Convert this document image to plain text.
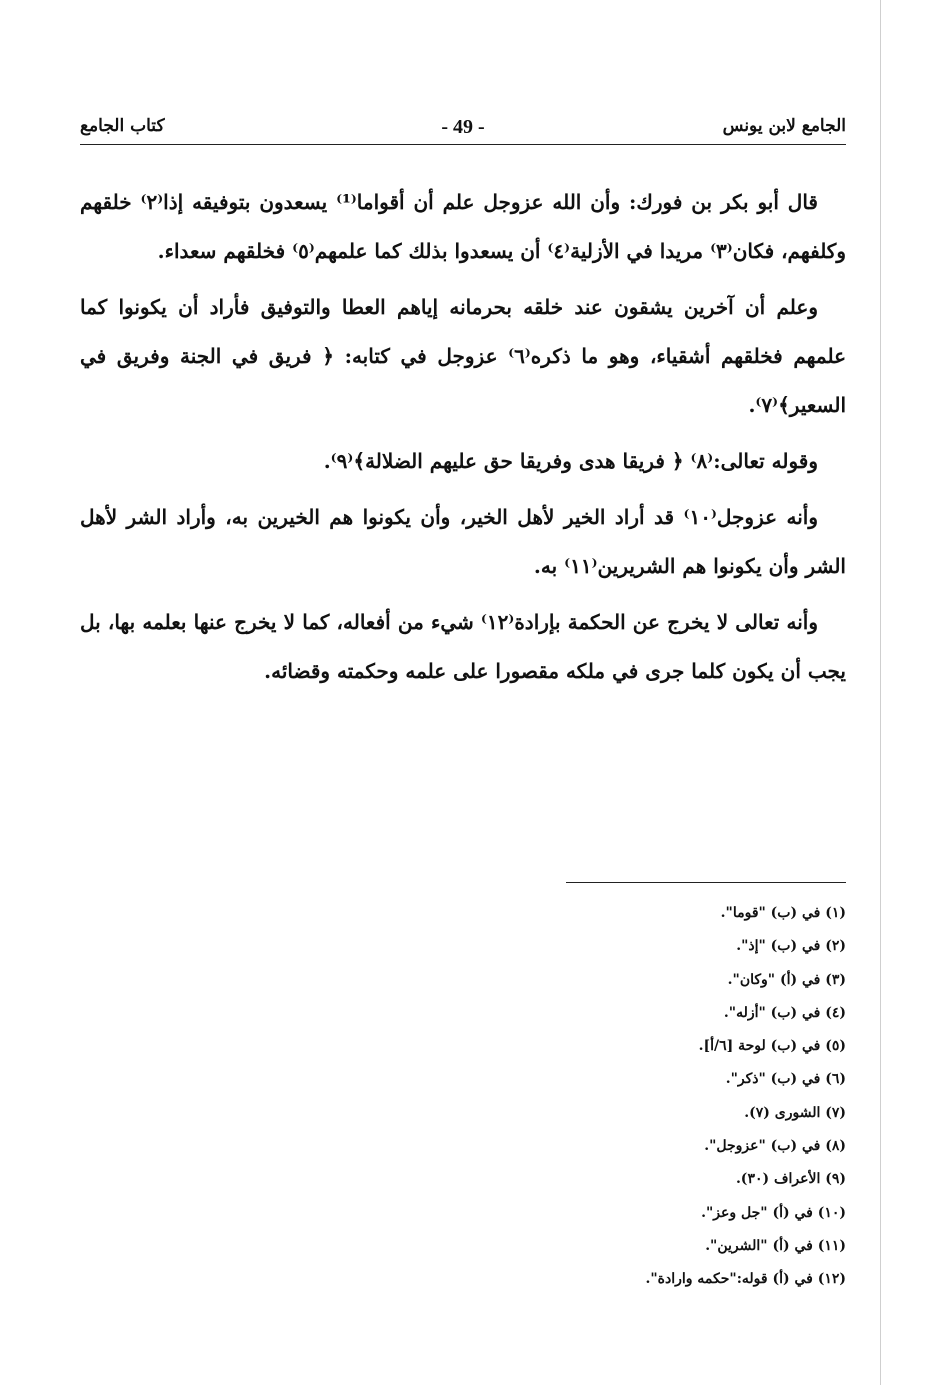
الجامع لابن يونس
- 49 -
كتاب الجامع

قال أبو بكر بن فورك: وأن الله عزوجل علم أن أقواما⁽¹⁾ يسعدون بتوفيقه إذا⁽٢⁾ خلقهم وكلفهم، فكان⁽٣⁾ مريدا في الأزلية⁽٤⁾ أن يسعدوا بذلك كما علمهم⁽٥⁾ فخلقهم سعداء.

وعلم أن آخرين يشقون عند خلقه بحرمانه إياهم العطا والتوفيق فأراد أن يكونوا كما علمهم فخلقهم أشقياء، وهو ما ذكره⁽٦⁾ عزوجل في كتابه: ﴿ فريق في الجنة وفريق في السعير﴾⁽٧⁾.

وقوله تعالى:⁽٨⁾ ﴿ فريقا هدى وفريقا حق عليهم الضلالة﴾⁽٩⁾.

وأنه عزوجل⁽١٠⁾ قد أراد الخير لأهل الخير، وأن يكونوا هم الخيرين به، وأراد الشر لأهل الشر وأن يكونوا هم الشريرين⁽١١⁾ به.

وأنه تعالى لا يخرج عن الحكمة بإرادة⁽١٢⁾ شيء من أفعاله، كما لا يخرج عنها بعلمه بها، بل يجب أن يكون كلما جرى في ملكه مقصورا على علمه وحكمته وقضائه.

(١) في (ب) "قوما".
(٢) في (ب) "إذ".
(٣) في (أ) "وكان".
(٤) في (ب) "أزله".
(٥) في (ب) لوحة [٦/أ].
(٦) في (ب) "ذكر".
(٧) الشورى (٧).
(٨) في (ب) "عزوجل".
(٩) الأعراف (٣٠).
(١٠) في (أ) "جل وعز".
(١١) في (أ) "الشرين".
(١٢) في (أ) قوله:"حكمه وارادة".
